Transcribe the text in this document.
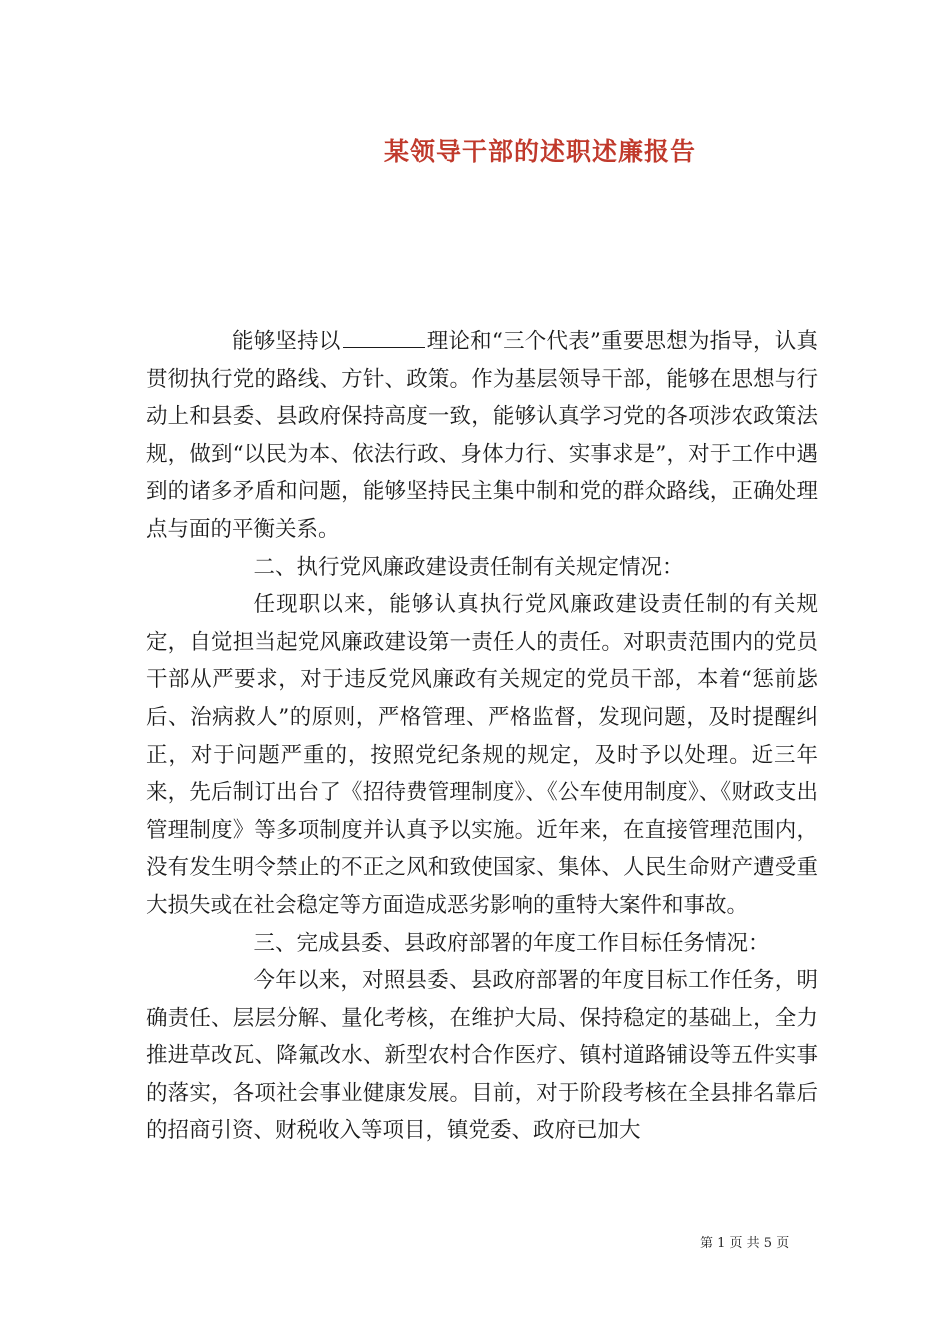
某领导干部的述职述廉报告

能够坚持以	理论和“三个代表”重要思想为指导，认真贯彻执行党的路线、方针、政策。作为基层领导干部，能够在思想与行动上和县委、县政府保持高度一致，能够认真学习党的各项涉农政策法规，做到“以民为本、依法行政、身体力行、实事求是”，对于工作中遇到的诸多矛盾和问题，能够坚持民主集中制和党的群众路线，正确处理点与面的平衡关系。

二、执行党风廉政建设责任制有关规定情况：

任现职以来，能够认真执行党风廉政建设责任制的有关规定，自觉担当起党风廉政建设第一责任人的责任。对职责范围内的党员干部从严要求，对于违反党风廉政有关规定的党员干部，本着“惩前毖后、治病救人”的原则，严格管理、严格监督，发现问题，及时提醒纠正，对于问题严重的，按照党纪条规的规定，及时予以处理。近三年来，先后制订出台了《招待费管理制度》、《公车使用制度》、《财政支出管理制度》等多项制度并认真予以实施。近年来，在直接管理范围内，没有发生明令禁止的不正之风和致使国家、集体、人民生命财产遭受重大损失或在社会稳定等方面造成恶劣影响的重特大案件和事故。

三、完成县委、县政府部署的年度工作目标任务情况：

今年以来，对照县委、县政府部署的年度目标工作任务，明确责任、层层分解、量化考核，在维护大局、保持稳定的基础上，全力推进草改瓦、降氟改水、新型农村合作医疗、镇村道路铺设等五件实事的落实，各项社会事业健康发展。目前，对于阶段考核在全县排名靠后的招商引资、财税收入等项目，镇党委、政府已加大

第 1 页 共 5 页
